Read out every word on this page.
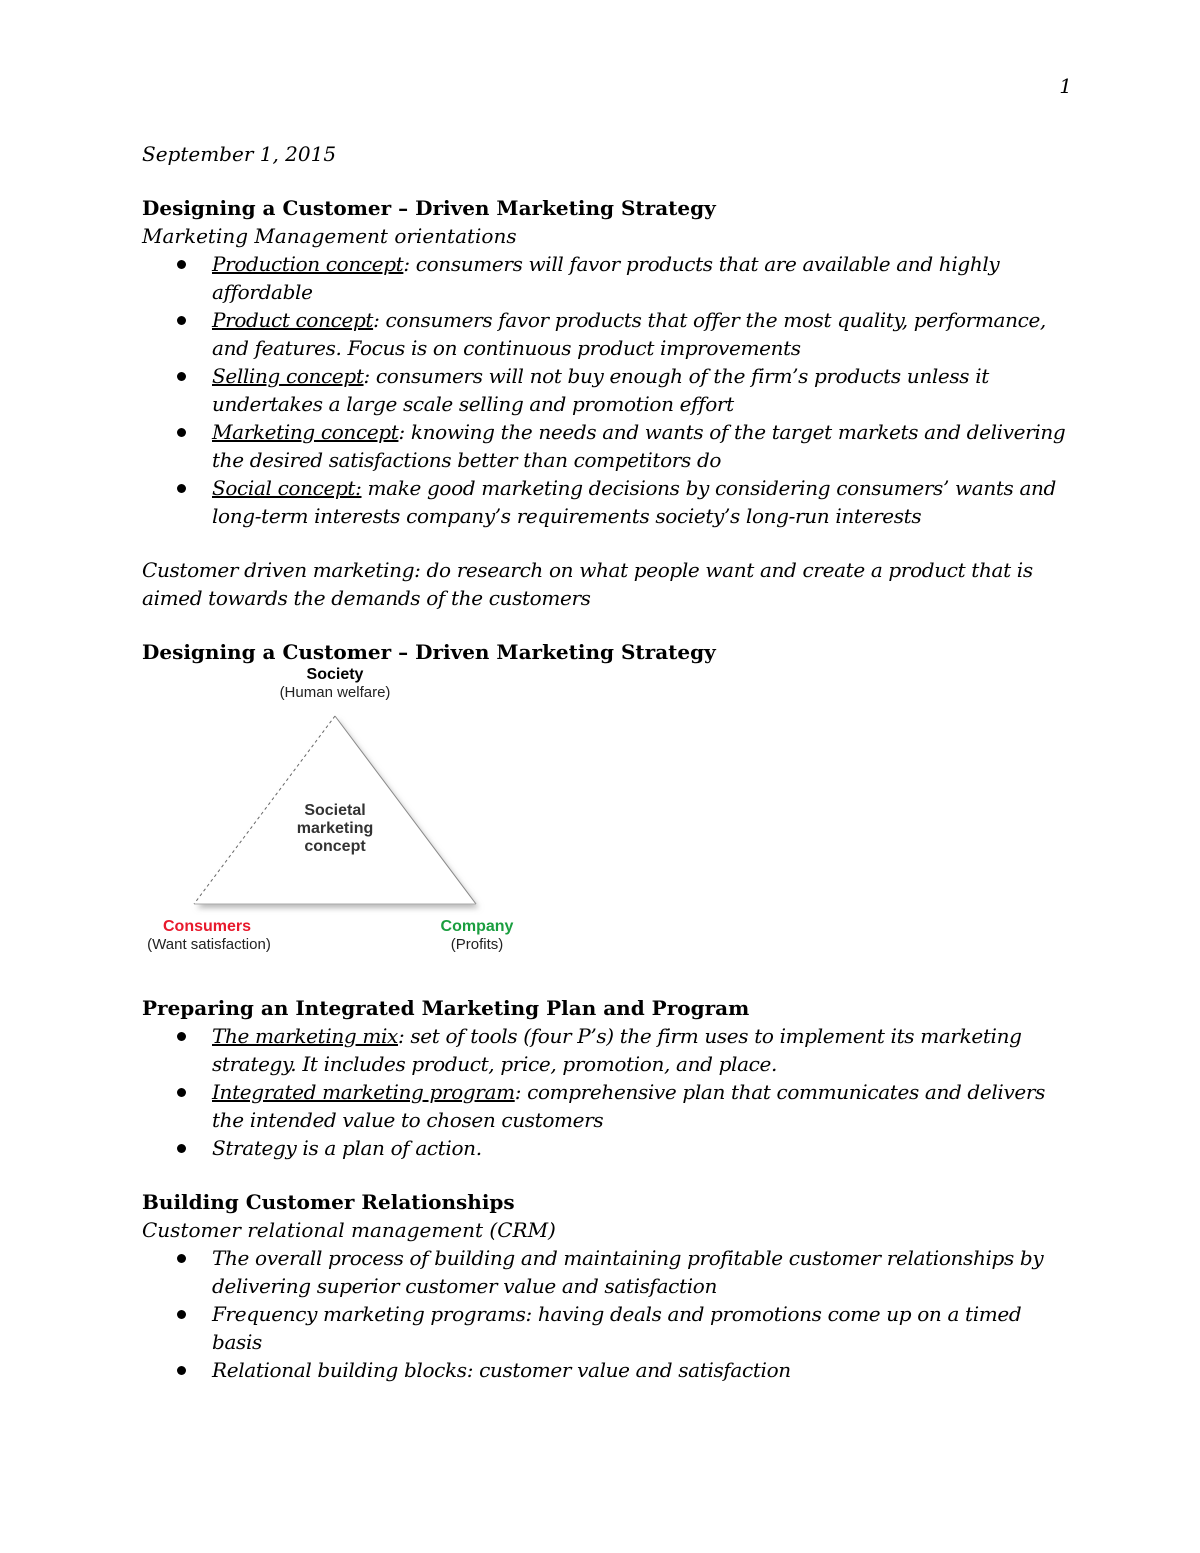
1

September 1, 2015

Designing a Customer – Driven Marketing Strategy

Marketing Management orientations

Production concept: consumers will favor products that are available and highly affordable
Product concept: consumers favor products that offer the most quality, performance, and features. Focus is on continuous product improvements
Selling concept: consumers will not buy enough of the firm’s products unless it undertakes a large scale selling and promotion effort
Marketing concept: knowing the needs and wants of the target markets and delivering the desired satisfactions better than competitors do
Social concept: make good marketing decisions by considering consumers’ wants and long-term interests company’s requirements society’s long-run interests

Customer driven marketing: do research on what people want and create a product that is aimed towards the demands of the customers

Designing a Customer – Driven Marketing Strategy
Society
(Human welfare)
Societal
marketing
concept
Consumers
(Want satisfaction)
Company
(Profits)
Preparing an Integrated Marketing Plan and Program
The marketing mix: set of tools (four P’s) the firm uses to implement its marketing strategy. It includes product, price, promotion, and place.
Integrated marketing program: comprehensive plan that communicates and delivers the intended value to chosen customers
Strategy is a plan of action.
Building Customer Relationships

Customer relational management (CRM)

The overall process of building and maintaining profitable customer relationships by delivering superior customer value and satisfaction
Frequency marketing programs: having deals and promotions come up on a timed basis
Relational building blocks: customer value and satisfaction
